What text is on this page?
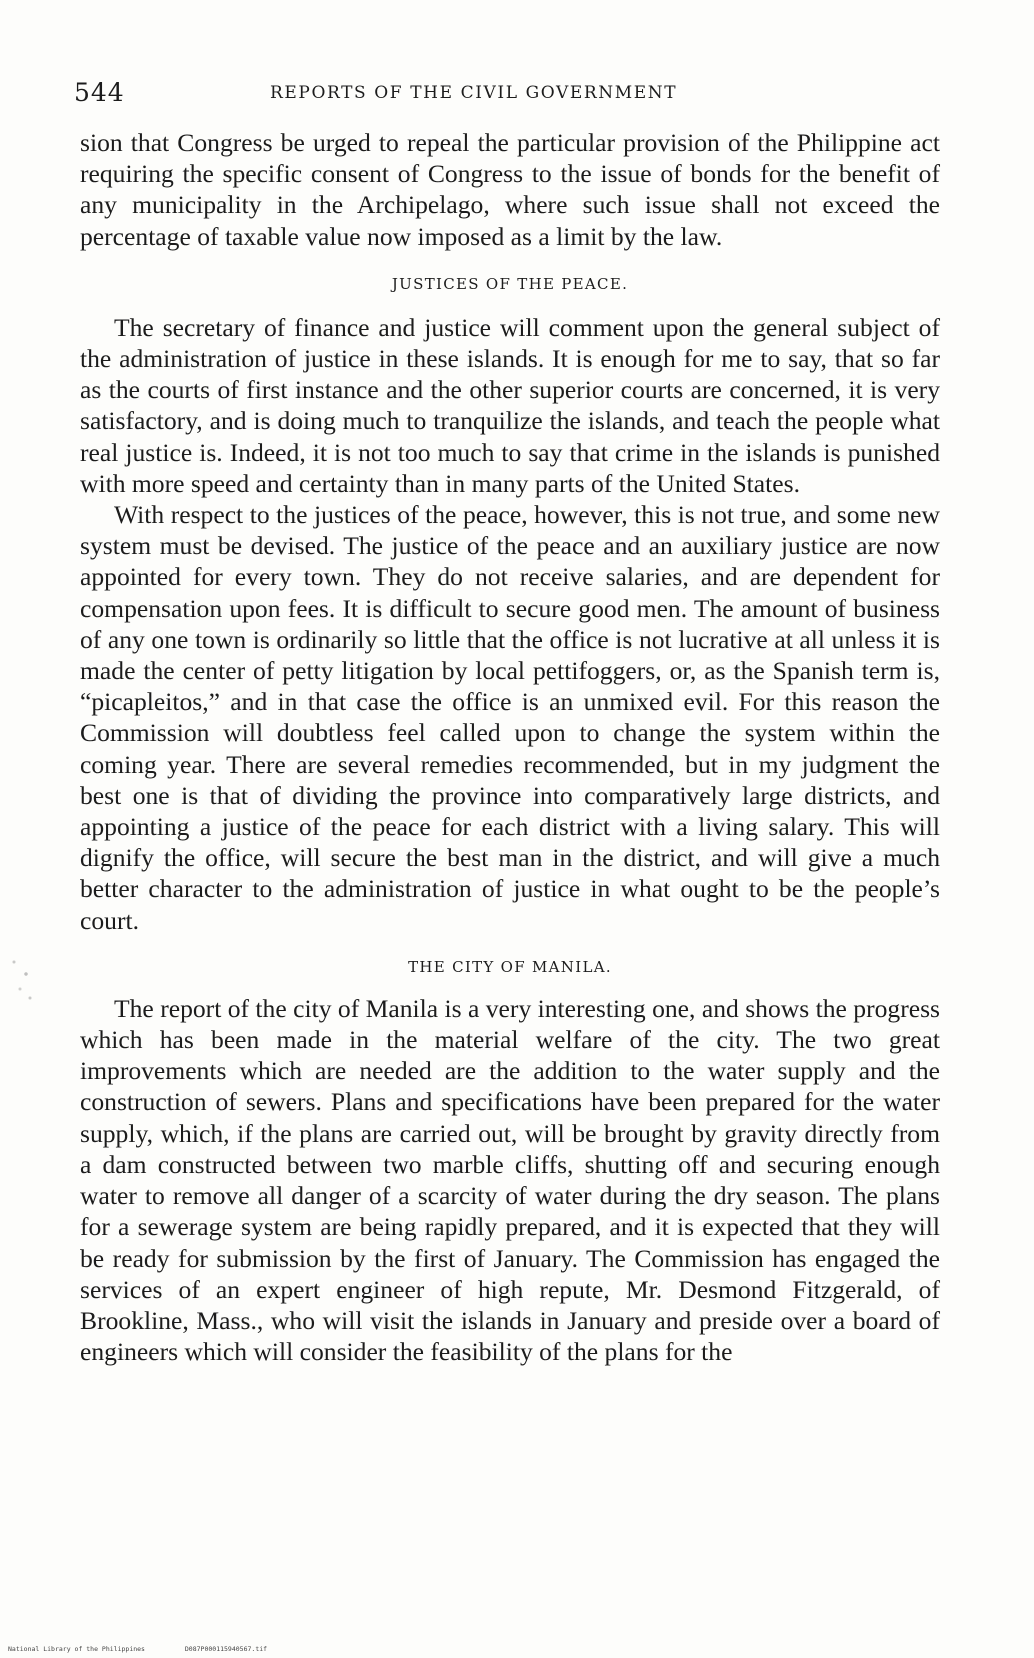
544	REPORTS OF THE CIVIL GOVERNMENT

sion that Congress be urged to repeal the particular provision of the Philippine act requiring the specific consent of Congress to the issue of bonds for the benefit of any municipality in the Archipelago, where such issue shall not exceed the percentage of taxable value now imposed as a limit by the law.

JUSTICES OF THE PEACE.

The secretary of finance and justice will comment upon the general subject of the administration of justice in these islands. It is enough for me to say, that so far as the courts of first instance and the other superior courts are concerned, it is very satisfactory, and is doing much to tranquilize the islands, and teach the people what real justice is. Indeed, it is not too much to say that crime in the islands is punished with more speed and certainty than in many parts of the United States.

With respect to the justices of the peace, however, this is not true, and some new system must be devised. The justice of the peace and an auxiliary justice are now appointed for every town. They do not receive salaries, and are dependent for compensation upon fees. It is difficult to secure good men. The amount of business of any one town is ordinarily so little that the office is not lucrative at all unless it is made the center of petty litigation by local pettifoggers, or, as the Spanish term is, “picapleitos,” and in that case the office is an unmixed evil. For this reason the Commission will doubtless feel called upon to change the system within the coming year. There are several remedies recommended, but in my judgment the best one is that of dividing the province into comparatively large districts, and appointing a justice of the peace for each district with a living salary. This will dignify the office, will secure the best man in the district, and will give a much better character to the administration of justice in what ought to be the people’s court.

THE CITY OF MANILA.

The report of the city of Manila is a very interesting one, and shows the progress which has been made in the material welfare of the city. The two great improvements which are needed are the addition to the water supply and the construction of sewers. Plans and specifications have been prepared for the water supply, which, if the plans are carried out, will be brought by gravity directly from a dam constructed between two marble cliffs, shutting off and securing enough water to remove all danger of a scarcity of water during the dry season. The plans for a sewerage system are being rapidly prepared, and it is expected that they will be ready for submission by the first of January. The Commission has engaged the services of an expert engineer of high repute, Mr. Desmond Fitzgerald, of Brookline, Mass., who will visit the islands in January and preside over a board of engineers which will consider the feasibility of the plans for the

National Library of the Philippines	D087P000115940567.tif
